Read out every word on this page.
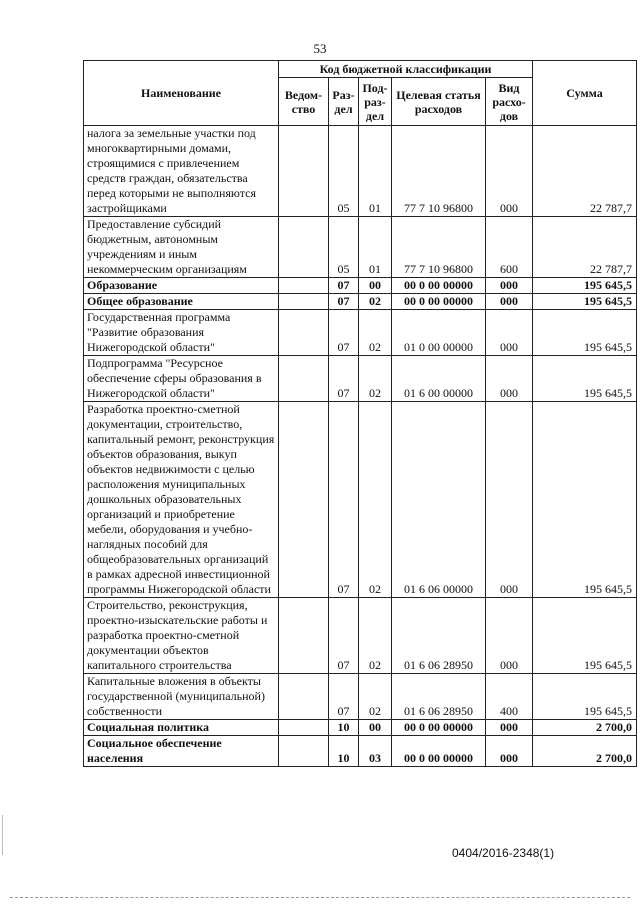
53
Наименование	Код бюджетной классификации					Сумма
	Ведом-ство	Раз-дел	Под-раз-дел	Целевая статья расходов	Вид расхо-дов	
налога за земельные участки под многоквартирными домами, строящимися с привлечением средств граждан, обязательства перед которыми не выполняются застройщиками		05	01	77 7 10 96800	000	22 787,7
Предоставление субсидий бюджетным, автономным учреждениям и иным некоммерческим организациям		05	01	77 7 10 96800	600	22 787,7
Образование		07	00	00 0 00 00000	000	195 645,5
Общее образование		07	02	00 0 00 00000	000	195 645,5
Государственная программа "Развитие образования Нижегородской области"		07	02	01 0 00 00000	000	195 645,5
Подпрограмма "Ресурсное обеспечение сферы образования в Нижегородской области"		07	02	01 6 00 00000	000	195 645,5
Разработка проектно-сметной документации, строительство, капитальный ремонт, реконструкция объектов образования, выкуп объектов недвижимости с целью расположения муниципальных дошкольных образовательных организаций и приобретение мебели, оборудования и учебно-наглядных пособий для общеобразовательных организаций в рамках адресной инвестиционной программы Нижегородской области		07	02	01 6 06 00000	000	195 645,5
Строительство, реконструкция, проектно-изыскательские работы и разработка проектно-сметной документации объектов капитального строительства		07	02	01 6 06 28950	000	195 645,5
Капитальные вложения в объекты государственной (муниципальной) собственности		07	02	01 6 06 28950	400	195 645,5
Социальная политика		10	00	00 0 00 00000	000	2 700,0
Социальное обеспечение населения		10	03	00 0 00 00000	000	2 700,0
0404/2016-2348(1)
